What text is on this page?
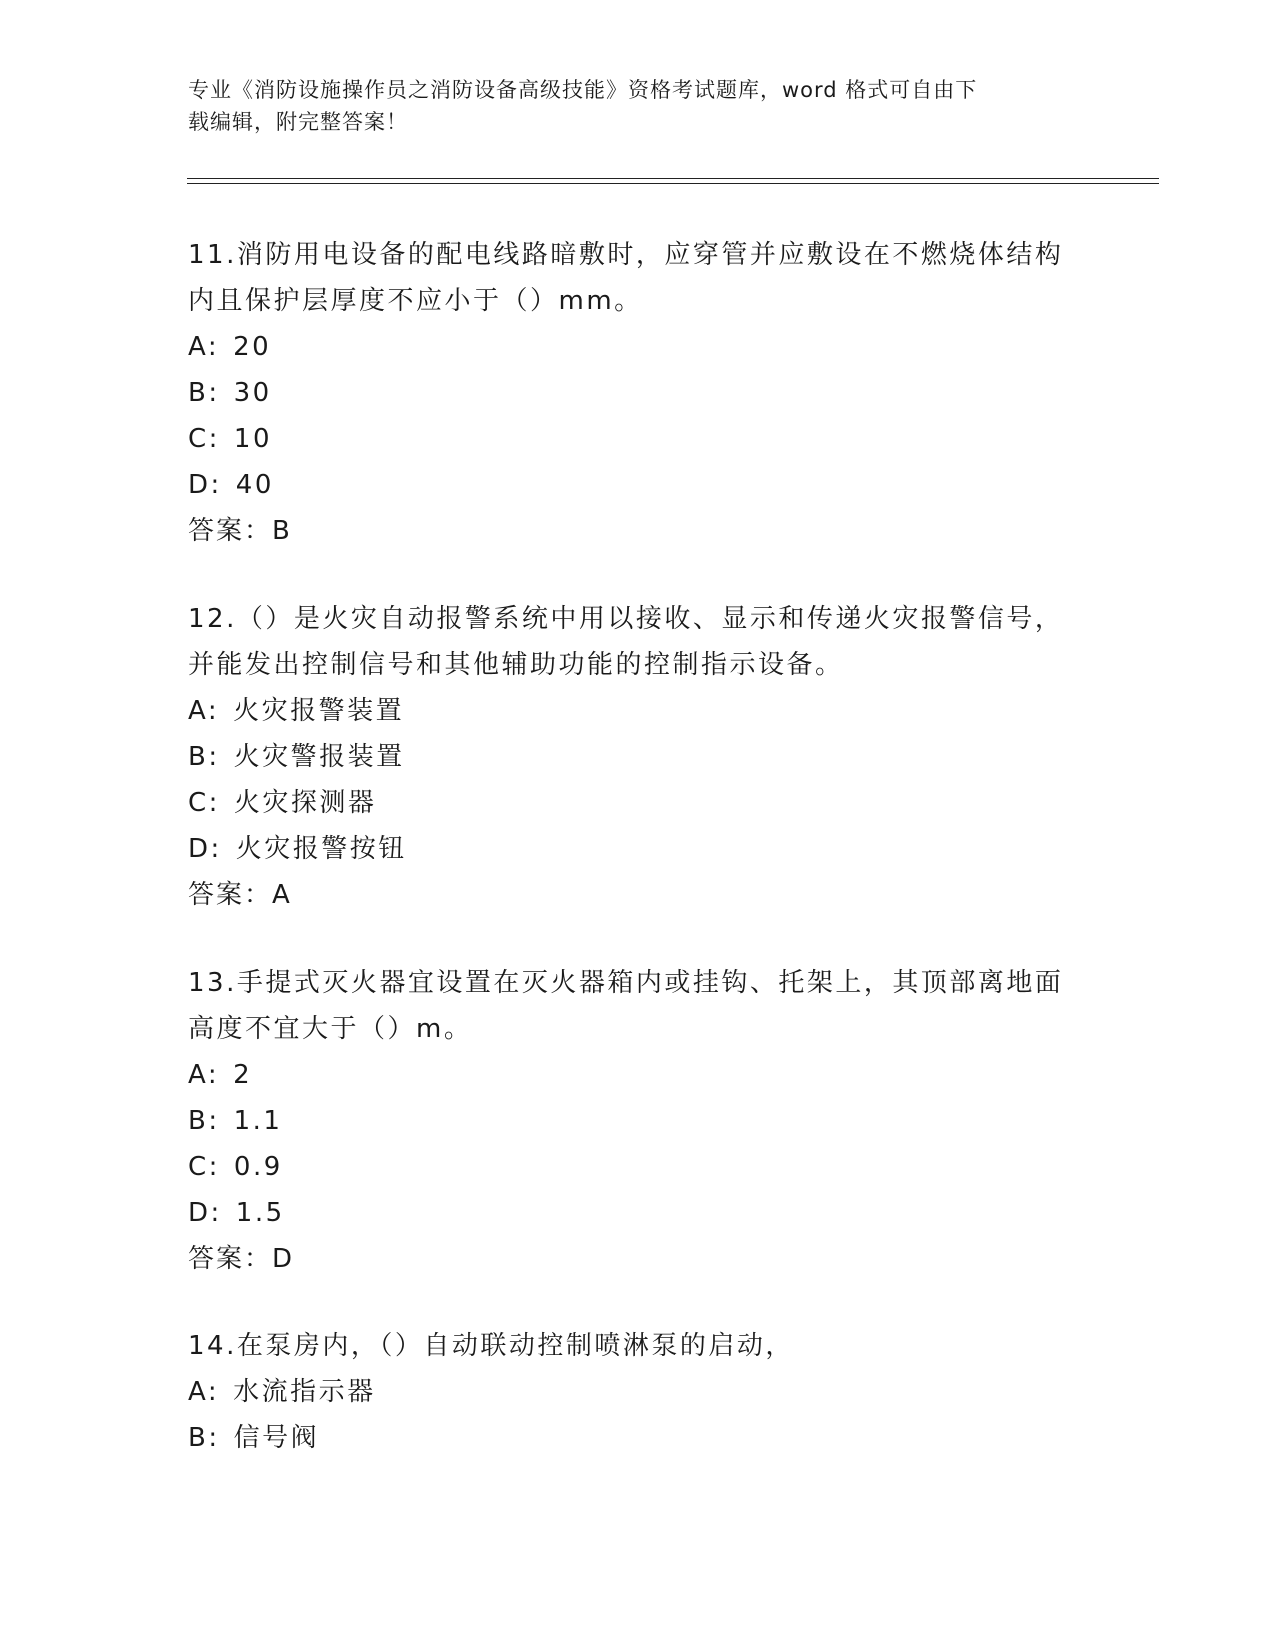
专业《消防设施操作员之消防设备高级技能》资格考试题库，word 格式可自由下
载编辑，附完整答案！

11.消防用电设备的配电线路暗敷时，应穿管并应敷设在不燃烧体结构

内且保护层厚度不应小于（）mm。

A: 20

B: 30

C: 10

D: 40

答案：B

12.（）是火灾自动报警系统中用以接收、显示和传递火灾报警信号，

并能发出控制信号和其他辅助功能的控制指示设备。

A: 火灾报警装置

B: 火灾警报装置

C: 火灾探测器

D: 火灾报警按钮

答案：A

13.手提式灭火器宜设置在灭火器箱内或挂钩、托架上，其顶部离地面

高度不宜大于（）m。

A: 2

B: 1.1

C: 0.9

D: 1.5

答案：D

14.在泵房内，（）自动联动控制喷淋泵的启动，

A: 水流指示器

B: 信号阀
